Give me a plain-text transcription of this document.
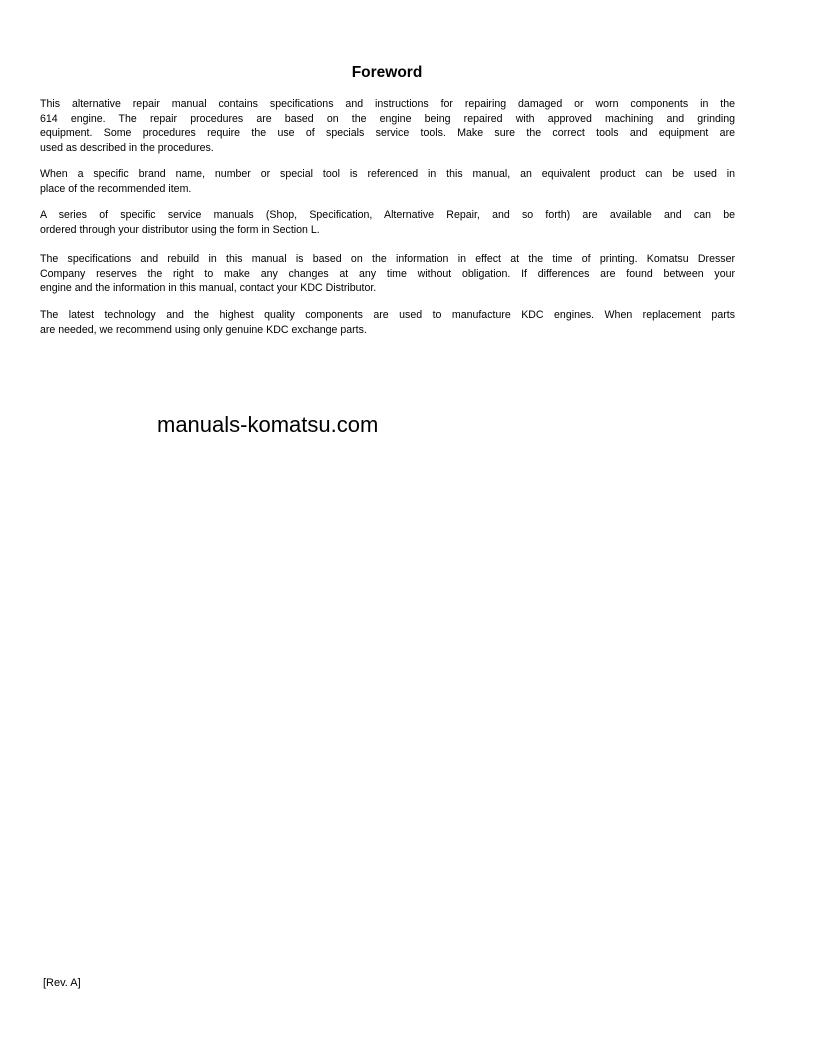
Foreword
This alternative repair manual contains specifications and instructions for repairing damaged or worn components in the
614 engine. The repair procedures are based on the engine being repaired with approved machining and grinding
equipment. Some procedures require the use of specials service tools. Make sure the correct tools and equipment are
used as described in the procedures.
When a specific brand name, number or special tool is referenced in this manual, an equivalent product can be used in
place of the recommended item.
A series of specific service manuals (Shop, Specification, Alternative Repair, and so forth) are available and can be
ordered through your distributor using the form in Section L.
The specifications and rebuild in this manual is based on the information in effect at the time of printing. Komatsu Dresser
Company reserves the right to make any changes at any time without obligation. If differences are found between your
engine and the information in this manual, contact your KDC Distributor.
The latest technology and the highest quality components are used to manufacture KDC engines. When replacement parts
are needed, we recommend using only genuine KDC exchange parts.
manuals-komatsu.com
[Rev. A]
